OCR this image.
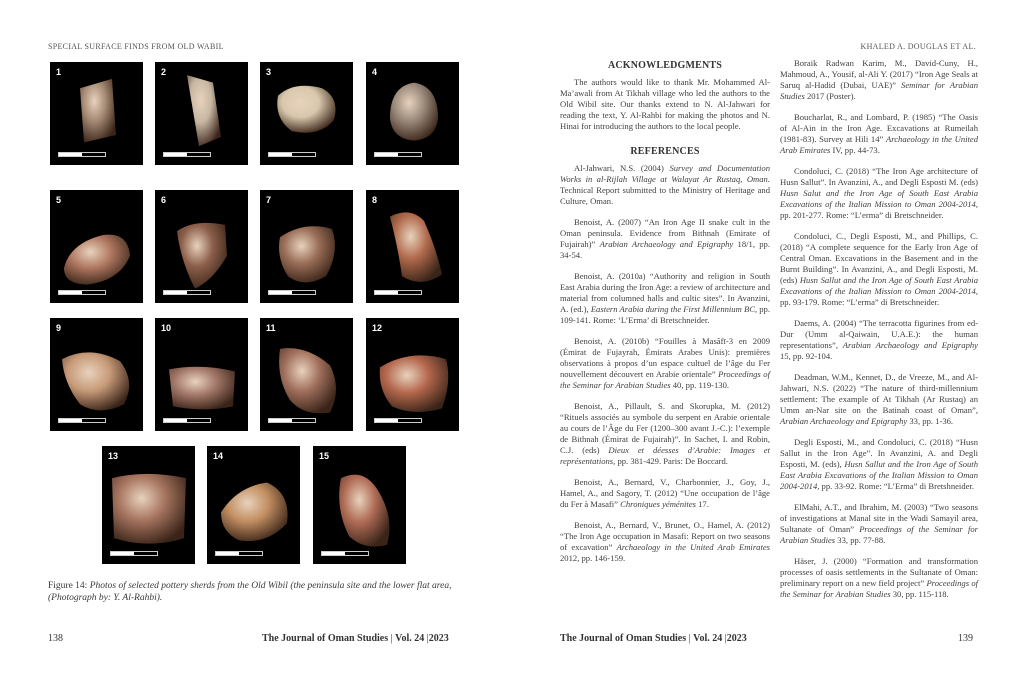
SPECIAL SURFACE FINDS FROM OLD WABIL	KHALED A. DOUGLAS ET AL.
1	2	3	4
5	6	7	8
9	10	11	12
13	14	15
Figure 14: Photos of selected pottery sherds from the Old Wibil (the peninsula site and the lower flat area, (Photograph by: Y. Al-Rahbi).
ACKNOWLEDGMENTS

The authors would like to thank Mr. Mohammed Al-Ma’awali from At Tikhah village who led the authors to the Old Wibil site. Our thanks extend to N. Al-Jahwari for reading the text, Y. Al-Rahbi for making the photos and N. Hinai for introducing the authors to the local people.

REFERENCES

Al-Jahwari, N.S. (2004) Survey and Documentation Works in al-Rijlah Village at Walayat Ar Rustaq, Oman. Technical Report submitted to the Ministry of Heritage and Culture, Oman.

Benoist, A. (2007) “An Iron Age II snake cult in the Oman peninsula. Evidence from Bithnah (Emirate of Fujairah)” Arabian Archaeology and Epigraphy 18/1, pp. 34-54.

Benoist, A. (2010a) “Authority and religion in South East Arabia during the Iron Age: a review of architecture and material from columned halls and cultic sites”. In Avanzini, A. (ed.), Eastern Arabia during the First Millennium BC, pp. 109-141. Rome: ‘L’Erma’ di Bretschneider.

Benoist, A. (2010b) “Fouilles à Masāfī-3 en 2009 (Émirat de Fujayrah, Émirats Arabes Unis): premières observations à propos d’un espace cultuel de l’âge du Fer nouvellement découvert en Arabie orientale” Proceedings of the Seminar for Arabian Studies 40, pp. 119-130.

Benoist, A., Pillault, S. and Skorupka, M. (2012) “Rituels associés au symbole du serpent en Arabie orientale au cours de l’Âge du Fer (1200–300 avant J.-C.): l’exemple de Bithnah (Émirat de Fujairah)”. In Sachet, I. and Robin, C.J. (eds) Dieux et déesses d’Arabie: Images et représentations, pp. 381-429. Paris: De Boccard.

Benoist, A., Bernard, V., Charbonnier, J., Goy, J., Hamel, A., and Sagory, T. (2012) “Une occupation de l’âge du Fer à Masafi” Chroniques yéménites 17.

Benoist, A., Bernard, V., Brunet, O., Hamel, A. (2012) “The Iron Age occupation in Masafi: Report on two seasons of excavation” Archaeology in the United Arab Emirates 2012, pp. 146-159.

Boraik Radwan Karim, M., David-Cuny, H., Mahmoud, A., Yousif, al-Ali Y. (2017) “Iron Age Seals at Saruq al-Hadid (Dubai, UAE)” Seminar for Arabian Studies 2017 (Poster).

Boucharlat, R., and Lombard, P. (1985) “The Oasis of Al-Ain in the Iron Age. Excavations at Rumeilah (1981-83). Survey at Hili 14” Archaeology in the United Arab Emirates IV, pp. 44-73.

Condoluci, C. (2018) “The Iron Age architecture of Husn Sallut”. In Avanzini, A., and Degli Esposti M. (eds) Husn Salut and the Iron Age of South East Arabia Excavations of the Italian Mission to Oman 2004-2014, pp. 201-277. Rome: “L’erma” di Bretschneider.

Condoluci, C., Degli Esposti, M., and Phillips, C. (2018) “A complete sequence for the Early Iron Age of Central Oman. Excavations in the Basement and in the Burnt Building”. In Avanzini, A., and Degli Esposti, M. (eds) Husn Sallut and the Iron Age of South East Arabia Excavations of the Italian Mission to Oman 2004-2014, pp. 93-179. Rome: “L’erma” di Bretschneider.

Daems, A. (2004) “The terracotta figurines from ed-Dur (Umm al-Qaiwain, U.A.E.): the human representations”, Arabian Archaeology and Epigraphy 15, pp. 92-104.

Deadman, W.M., Kennet, D., de Vreeze, M., and Al-Jahwari, N.S. (2022) “The nature of third-millennium settlement: The example of At Tikhah (Ar Rustaq) an Umm an-Nar site on the Batinah coast of Oman”, Arabian Archaeology and Epigraphy 33, pp. 1-36.

Degli Esposti, M., and Condoluci, C. (2018) “Husn Sallut in the Iron Age”. In Avanzini, A. and Degli Esposti, M. (eds), Husn Sallut and the Iron Age of South East Arabia Excavations of the Italian Mission to Oman 2004-2014, pp. 33-92. Rome: “L’Erma” di Bretshneider.

ElMahi, A.T., and Ibrahim, M. (2003) “Two seasons of investigations at Manal site in the Wadi Samayil area, Sultanate of Oman” Proceedings of the Seminar for Arabian Studies 33, pp. 77-88.

Häser, J. (2000) “Formation and transformation processes of oasis settlements in the Sultanate of Oman: preliminary report on a new field project” Proceedings of the Seminar for Arabian Studies 30, pp. 115-118.

138	The Journal of Oman Studies | Vol. 24 |2023	The Journal of Oman Studies | Vol. 24 |2023	139
